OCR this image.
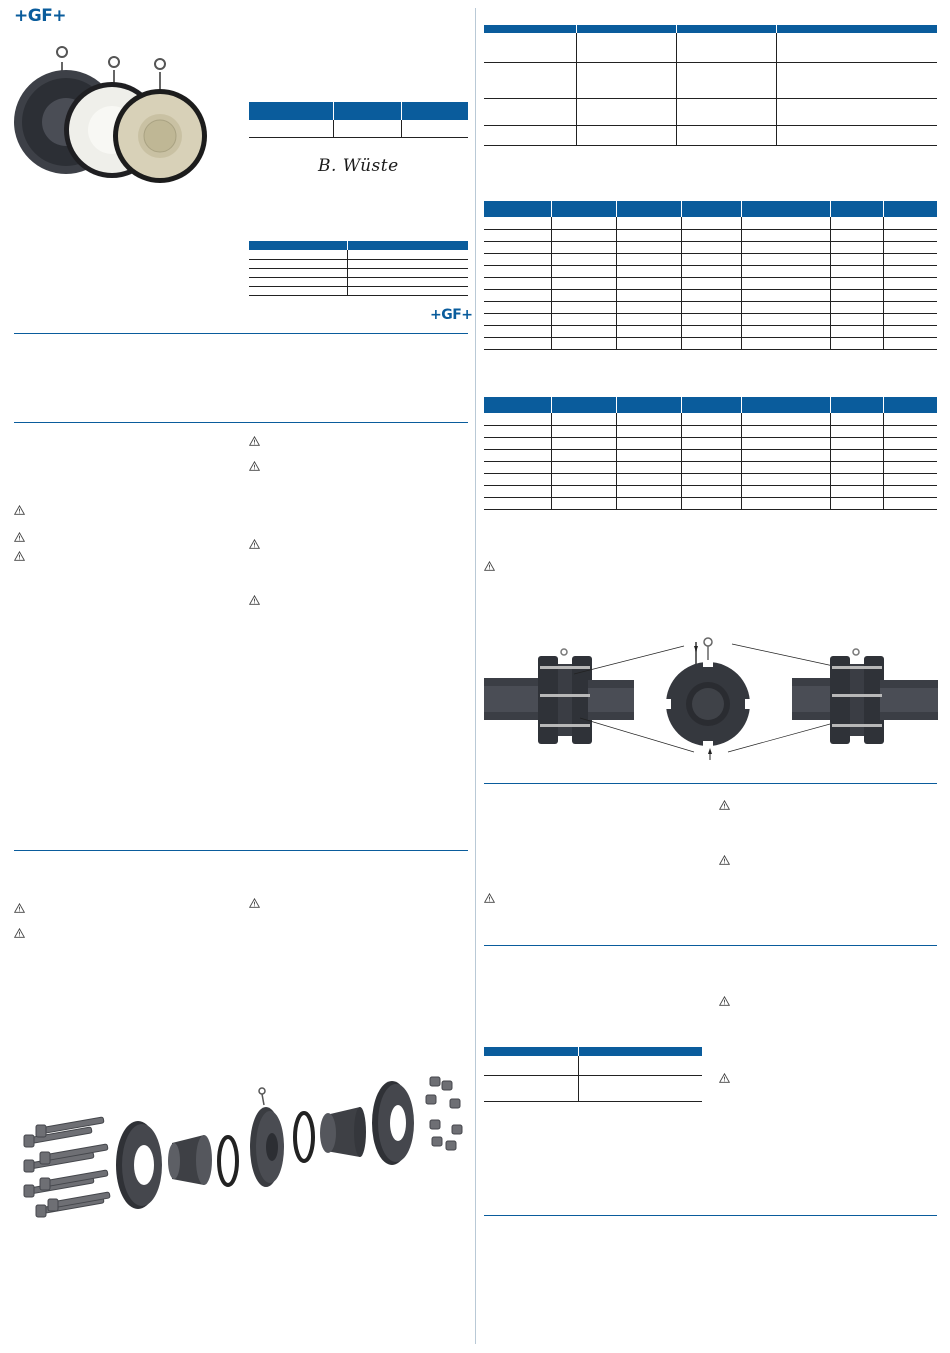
+GF+

B. Wüste

+GF+
